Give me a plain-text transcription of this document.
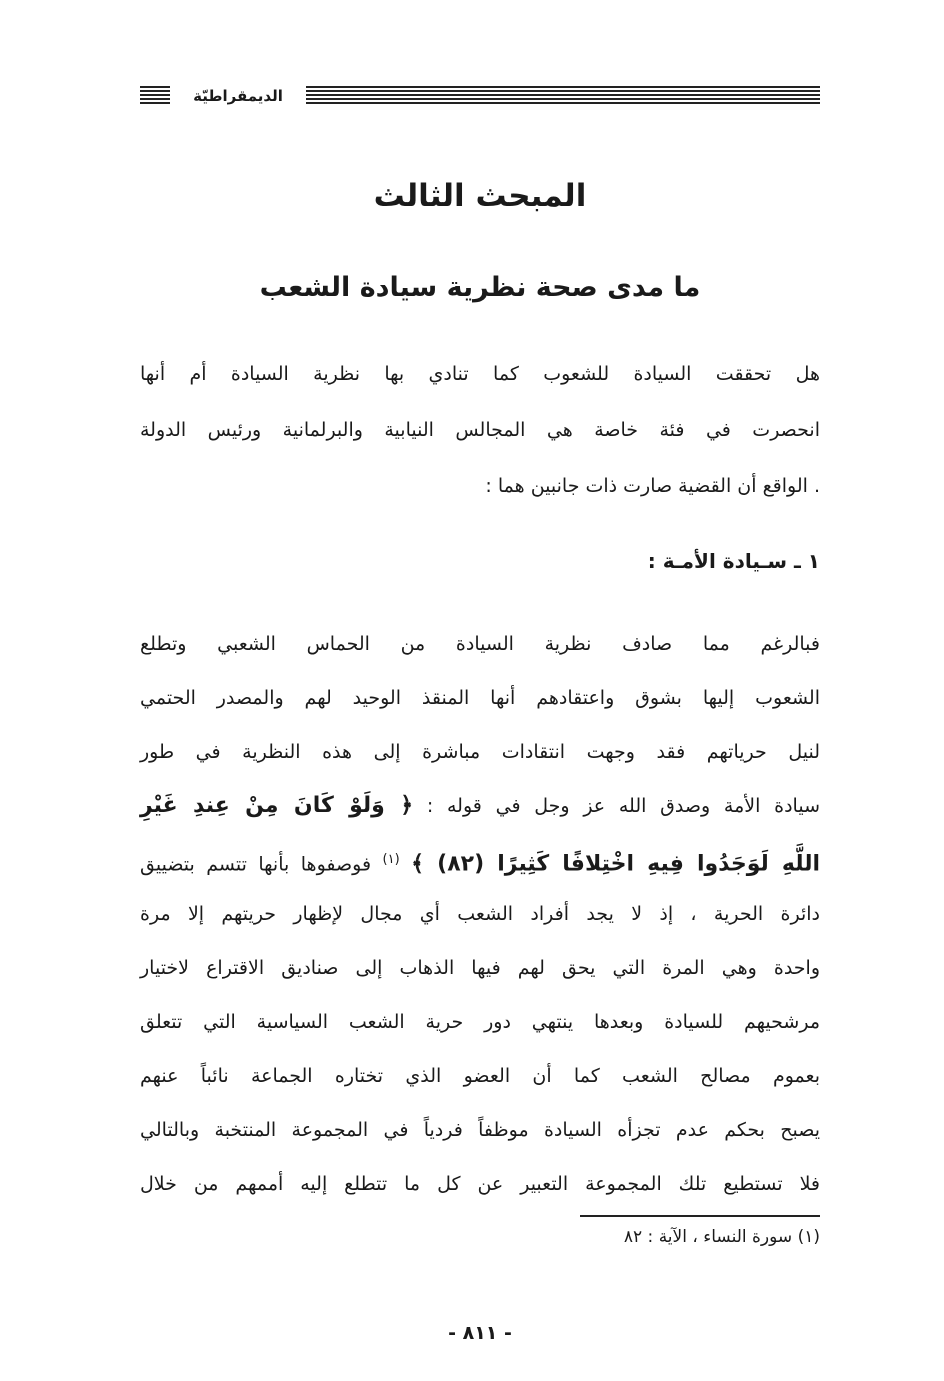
الديمقراطيّة
المبحث الثالث
ما مدى صحة نظرية سيادة الشعب
هل تحققت السيادة للشعوب كما تنادي بها نظرية السيادة أم أنها
انحصرت في فئة خاصة هي المجالس النيابية والبرلمانية ورئيس الدولة
. الواقع أن القضية صارت ذات جانبين هما :
١ ـ سـيادة الأمـة :
فبالرغم مما صادف نظرية السيادة من الحماس الشعبي وتطلع
الشعوب إليها بشوق واعتقادهم أنها المنقذ الوحيد لهم والمصدر الحتمي
لنيل حرياتهم فقد وجهت انتقادات مباشرة إلى هذه النظرية في طور
سيادة الأمة وصدق الله عز وجل في قوله : ﴿ وَلَوْ كَانَ مِنْ عِندِ غَيْرِ
اللَّهِ لَوَجَدُوا فِيهِ اخْتِلافًا كَثِيرًا (٨٢) ﴾ $^{(١)}$ فوصفوها بأنها تتسم بتضييق
دائرة الحرية ، إذ لا يجد أفراد الشعب أي مجال لإظهار حريتهم إلا مرة
واحدة وهي المرة التي يحق لهم فيها الذهاب إلى صناديق الاقتراع لاختيار
مرشحيهم للسيادة وبعدها ينتهي دور حرية الشعب السياسية التي تتعلق
بعموم مصالح الشعب كما أن العضو الذي تختاره الجماعة نائباً عنهم
يصبح بحكم عدم تجزأه السيادة موظفاً فردياً في المجموعة المنتخبة وبالتالي
فلا تستطيع تلك المجموعة التعبير عن كل ما تتطلع إليه أممهم من خلال
(١) سورة النساء ، الآية : ٨٢
- ٨١١ -
